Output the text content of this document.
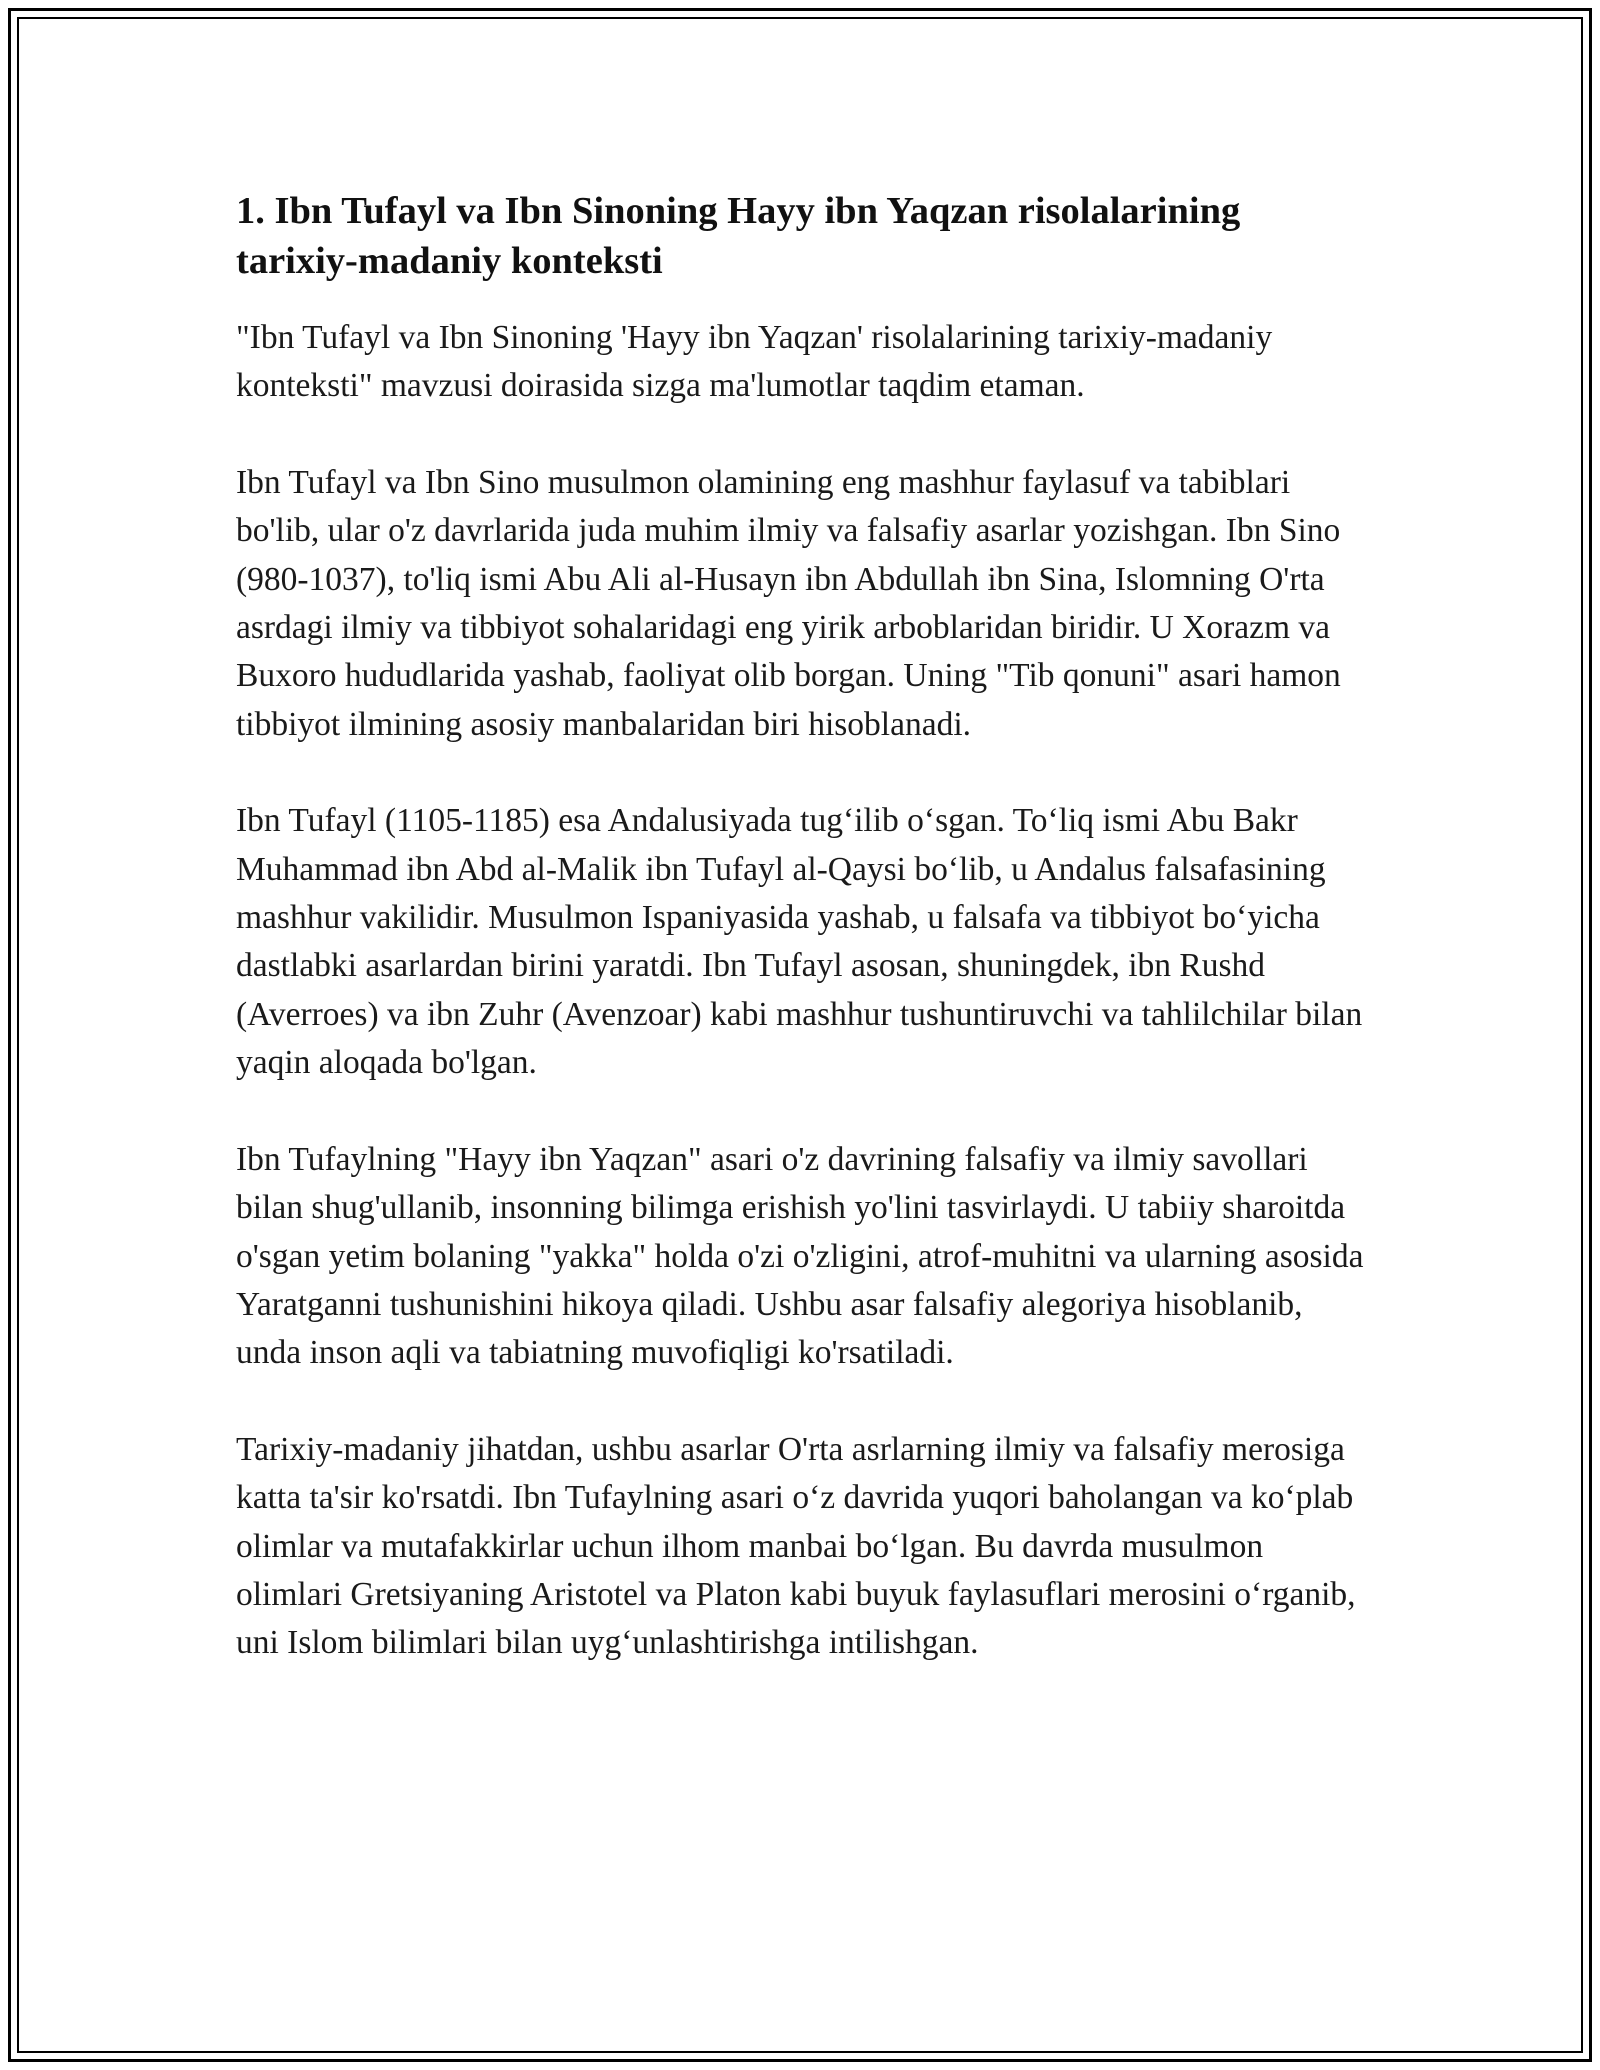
1. Ibn Tufayl va Ibn Sinoning Hayy ibn Yaqzan risolalarining tarixiy-madaniy konteksti

"Ibn Tufayl va Ibn Sinoning 'Hayy ibn Yaqzan' risolalarining tarixiy-madaniy konteksti" mavzusi doirasida sizga ma'lumotlar taqdim etaman.

Ibn Tufayl va Ibn Sino musulmon olamining eng mashhur faylasuf va tabiblari bo'lib, ular o'z davrlarida juda muhim ilmiy va falsafiy asarlar yozishgan. Ibn Sino (980-1037), to'liq ismi Abu Ali al-Husayn ibn Abdullah ibn Sina, Islomning O'rta asrdagi ilmiy va tibbiyot sohalaridagi eng yirik arboblaridan biridir. U Xorazm va Buxoro hududlarida yashab, faoliyat olib borgan. Uning "Tib qonuni" asari hamon tibbiyot ilmining asosiy manbalaridan biri hisoblanadi.

Ibn Tufayl (1105-1185) esa Andalusiyada tug‘ilib o‘sgan. To‘liq ismi Abu Bakr Muhammad ibn Abd al-Malik ibn Tufayl al-Qaysi bo‘lib, u Andalus falsafasining mashhur vakilidir. Musulmon Ispaniyasida yashab, u falsafa va tibbiyot bo‘yicha dastlabki asarlardan birini yaratdi. Ibn Tufayl asosan, shuningdek, ibn Rushd (Averroes) va ibn Zuhr (Avenzoar) kabi mashhur tushuntiruvchi va tahlilchilar bilan yaqin aloqada bo'lgan.

Ibn Tufaylning "Hayy ibn Yaqzan" asari o'z davrining falsafiy va ilmiy savollari bilan shug'ullanib, insonning bilimga erishish yo'lini tasvirlaydi. U tabiiy sharoitda o'sgan yetim bolaning "yakka" holda o'zi o'zligini, atrof-muhitni va ularning asosida Yaratganni tushunishini hikoya qiladi. Ushbu asar falsafiy alegoriya hisoblanib, unda inson aqli va tabiatning muvofiqligi ko'rsatiladi.

Tarixiy-madaniy jihatdan, ushbu asarlar O'rta asrlarning ilmiy va falsafiy merosiga katta ta'sir ko'rsatdi. Ibn Tufaylning asari o‘z davrida yuqori baholangan va ko‘plab olimlar va mutafakkirlar uchun ilhom manbai bo‘lgan. Bu davrda musulmon olimlari Gretsiyaning Aristotel va Platon kabi buyuk faylasuflari merosini o‘rganib, uni Islom bilimlari bilan uyg‘unlashtirishga intilishgan.
